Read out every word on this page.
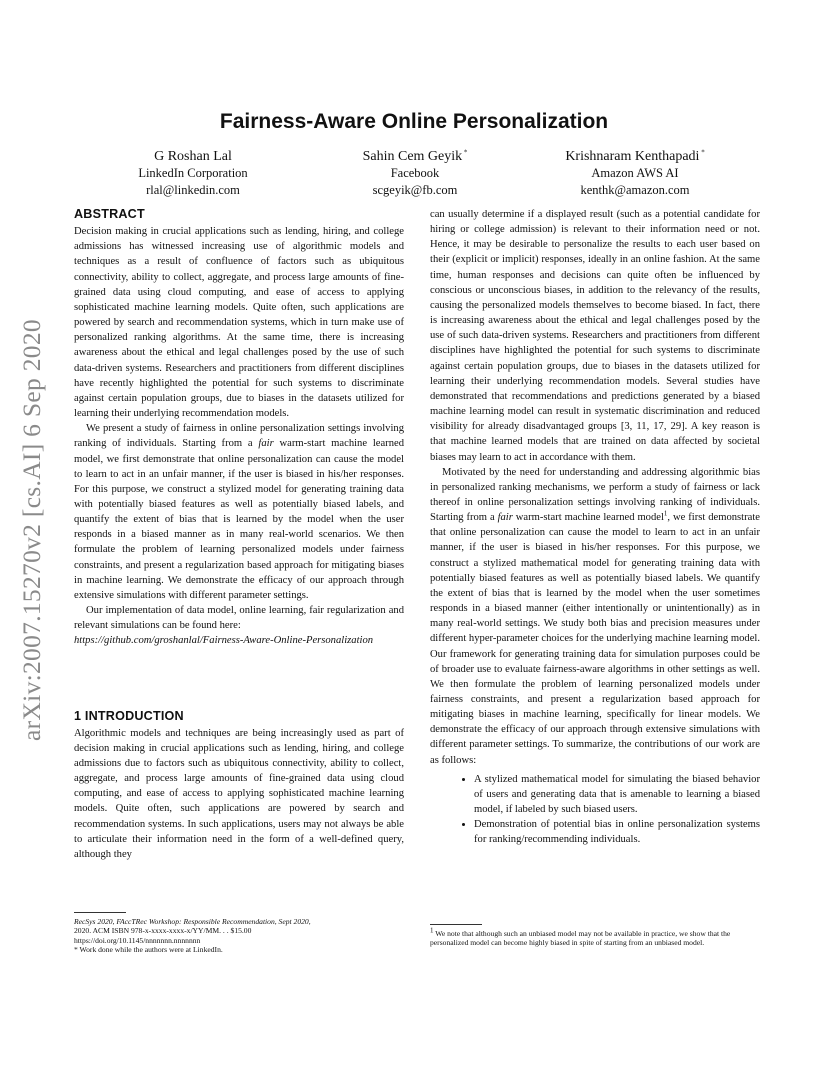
arXiv:2007.15270v2 [cs.AI] 6 Sep 2020
Fairness-Aware Online Personalization
G Roshan Lal
LinkedIn Corporation
rlal@linkedin.com
Sahin Cem Geyik *
Facebook
scgeyik@fb.com
Krishnaram Kenthapadi *
Amazon AWS AI
kenthk@amazon.com
ABSTRACT

Decision making in crucial applications such as lending, hiring, and college admissions has witnessed increasing use of algorithmic models and techniques as a result of confluence of factors such as ubiquitous connectivity, ability to collect, aggregate, and process large amounts of fine-grained data using cloud computing, and ease of access to applying sophisticated machine learning models. Quite often, such applications are powered by search and recommendation systems, which in turn make use of personalized ranking algorithms. At the same time, there is increasing awareness about the ethical and legal challenges posed by the use of such data-driven systems. Researchers and practitioners from different disciplines have recently highlighted the potential for such systems to discriminate against certain population groups, due to biases in the datasets utilized for learning their underlying recommendation models.

We present a study of fairness in online personalization settings involving ranking of individuals. Starting from a fair warm-start machine learned model, we first demonstrate that online personalization can cause the model to learn to act in an unfair manner, if the user is biased in his/her responses. For this purpose, we construct a stylized model for generating training data with potentially biased features as well as potentially biased labels, and quantify the extent of bias that is learned by the model when the user responds in a biased manner as in many real-world scenarios. We then formulate the problem of learning personalized models under fairness constraints, and present a regularization based approach for mitigating biases in machine learning. We demonstrate the efficacy of our approach through extensive simulations with different parameter settings.

Our implementation of data model, online learning, fair regularization and relevant simulations can be found here:

https://github.com/groshanlal/Fairness-Aware-Online-Personalization

1 INTRODUCTION

Algorithmic models and techniques are being increasingly used as part of decision making in crucial applications such as lending, hiring, and college admissions due to factors such as ubiquitous connectivity, ability to collect, aggregate, and process large amounts of fine-grained data using cloud computing, and ease of access to applying sophisticated machine learning models. Quite often, such applications are powered by search and recommendation systems. In such applications, users may not always be able to articulate their information need in the form of a well-defined query, although they

RecSys 2020, FAccTRec Workshop: Responsible Recommendation, Sept 2020,
2020. ACM ISBN 978-x-xxxx-xxxx-x/YY/MM. . . $15.00
https://doi.org/10.1145/nnnnnnn.nnnnnnn
* Work done while the authors were at LinkedIn.

can usually determine if a displayed result (such as a potential candidate for hiring or college admission) is relevant to their information need or not. Hence, it may be desirable to personalize the results to each user based on their (explicit or implicit) responses, ideally in an online fashion. At the same time, human responses and decisions can quite often be influenced by conscious or unconscious biases, in addition to the relevancy of the results, causing the personalized models themselves to become biased. In fact, there is increasing awareness about the ethical and legal challenges posed by the use of such data-driven systems. Researchers and practitioners from different disciplines have highlighted the potential for such systems to discriminate against certain population groups, due to biases in the datasets utilized for learning their underlying recommendation models. Several studies have demonstrated that recommendations and predictions generated by a biased machine learning model can result in systematic discrimination and reduced visibility for already disadvantaged groups [3, 11, 17, 29]. A key reason is that machine learned models that are trained on data affected by societal biases may learn to act in accordance with them.

Motivated by the need for understanding and addressing algorithmic bias in personalized ranking mechanisms, we perform a study of fairness or lack thereof in online personalization settings involving ranking of individuals. Starting from a fair warm-start machine learned model$^1$, we first demonstrate that online personalization can cause the model to learn to act in an unfair manner, if the user is biased in his/her responses. For this purpose, we construct a stylized mathematical model for generating training data with potentially biased features as well as potentially biased labels. We quantify the extent of bias that is learned by the model when the user sometimes responds in a biased manner (either intentionally or unintentionally) as in many real-world settings. We study both bias and precision measures under different hyper-parameter choices for the underlying machine learning model. Our framework for generating training data for simulation purposes could be of broader use to evaluate fairness-aware algorithms in other settings as well. We then formulate the problem of learning personalized models under fairness constraints, and present a regularization based approach for mitigating biases in machine learning, specifically for linear models. We demonstrate the efficacy of our approach through extensive simulations with different parameter settings. To summarize, the contributions of our work are as follows:

• A stylized mathematical model for simulating the biased behavior of users and generating data that is amenable to learning a biased model, if labeled by such biased users.
• Demonstration of potential bias in online personalization systems for ranking/recommending individuals.
$^1$ We note that although such an unbiased model may not be available in practice, we show that the personalized model can become highly biased in spite of starting from an unbiased model.
